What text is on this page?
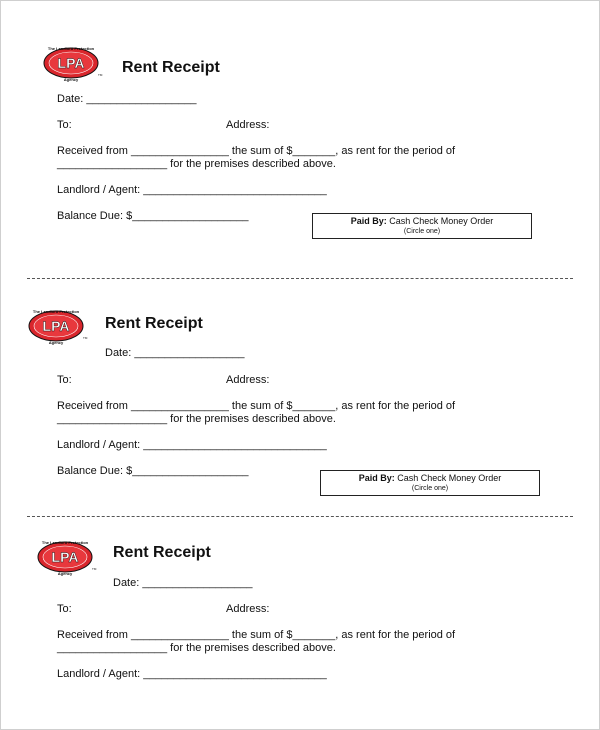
LPA
The Landlord Protection
Agency
TM Rent Receipt
Date: __________________
To:	Address:
Received from ________________ the sum of $_______, as rent for the period of
__________________ for the premises described above.
Landlord / Agent: ______________________________
Balance Due: $___________________	Paid By: Cash Check Money Order
(Circle one)
LPA
The Landlord Protection
Agency
TM
Rent Receipt
Date: __________________
To:	Address:
Received from ________________ the sum of $_______, as rent for the period of
__________________ for the premises described above.
Landlord / Agent: ______________________________
Balance Due: $___________________
Paid By: Cash Check Money Order
(Circle one)
LPA
The Landlord Protection
Agency
TM
Rent Receipt
Date: __________________
To:	Address:
Received from ________________ the sum of $_______, as rent for the period of
__________________ for the premises described above.
Landlord / Agent: ______________________________
